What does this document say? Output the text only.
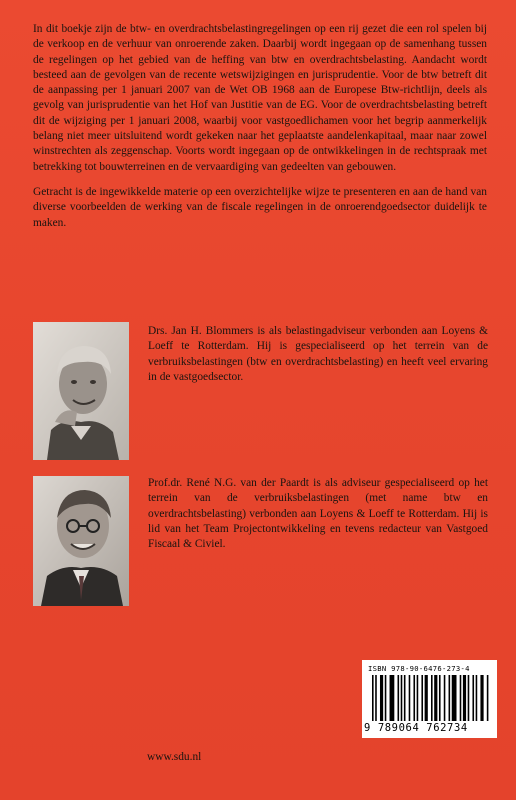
In dit boekje zijn de btw- en overdrachtsbelastingregelingen op een rij gezet die een rol spelen bij de verkoop en de verhuur van onroerende zaken. Daarbij wordt ingegaan op de samenhang tussen de regelingen op het gebied van de heffing van btw en overdrachtsbelasting. Aandacht wordt besteed aan de gevolgen van de recente wetswijzigingen en jurisprudentie. Voor de btw betreft dit de aanpassing per 1 januari 2007 van de Wet OB 1968 aan de Europese Btw-richtlijn, deels als gevolg van jurisprudentie van het Hof van Justitie van de EG. Voor de overdrachtsbelasting betreft dit de wijziging per 1 januari 2008, waarbij voor vastgoedlichamen voor het begrip aanmerkelijk belang niet meer uitsluitend wordt gekeken naar het geplaatste aandelenkapitaal, maar naar zowel winstrechten als zeggenschap. Voorts wordt ingegaan op de ontwikkelingen in de rechtspraak met betrekking tot bouwterreinen en de vervaardiging van gedeelten van gebouwen.

Getracht is de ingewikkelde materie op een overzichtelijke wijze te presenteren en aan de hand van diverse voorbeelden de werking van de fiscale regelingen in de onroerendgoedsector duidelijk te maken.

Drs. Jan H. Blommers is als belastingadviseur verbonden aan Loyens & Loeff te Rotterdam. Hij is gespecialiseerd op het terrein van de verbruiksbelastingen (btw en overdrachtsbelasting) en heeft veel ervaring in de vastgoedsector.
Prof.dr. René N.G. van der Paardt is als adviseur gespecialiseerd op het terrein van de verbruiksbelastingen (met name btw en overdrachtsbelasting) verbonden aan Loyens & Loeff te Rotterdam. Hij is lid van het Team Projectontwikkeling en tevens redacteur van Vastgoed Fiscaal & Civiel.
ISBN 978-90-6476-273-4
9 789064 762734
www.sdu.nl
